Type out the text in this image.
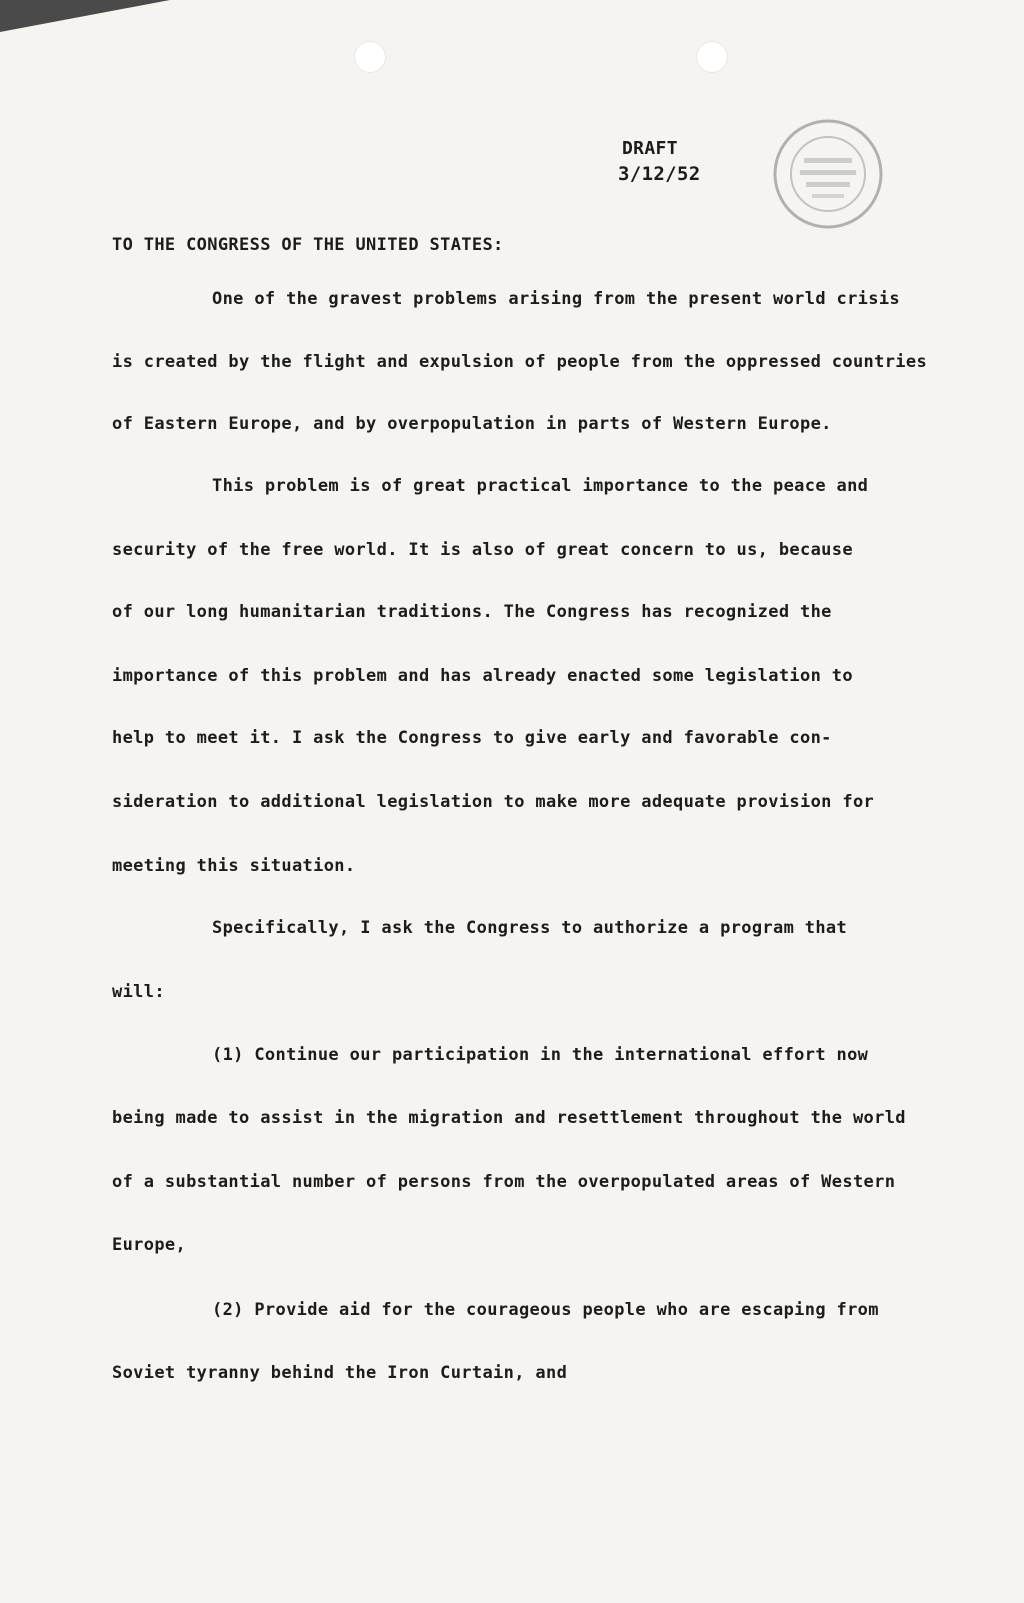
DRAFT

3/12/52

TO THE CONGRESS OF THE UNITED STATES:

One of the gravest problems arising from the present world crisis

is created by the flight and expulsion of people from the oppressed countries

of Eastern Europe, and by overpopulation in parts of Western Europe.

This problem is of great practical importance to the peace and

security of the free world. It is also of great concern to us, because

of our long humanitarian traditions. The Congress has recognized the

importance of this problem and has already enacted some legislation to

help to meet it. I ask the Congress to give early and favorable con-

sideration to additional legislation to make more adequate provision for

meeting this situation.

Specifically, I ask the Congress to authorize a program that

will:

(1) Continue our participation in the international effort now

being made to assist in the migration and resettlement throughout the world

of a substantial number of persons from the overpopulated areas of Western

Europe,

(2) Provide aid for the courageous people who are escaping from

Soviet tyranny behind the Iron Curtain, and
